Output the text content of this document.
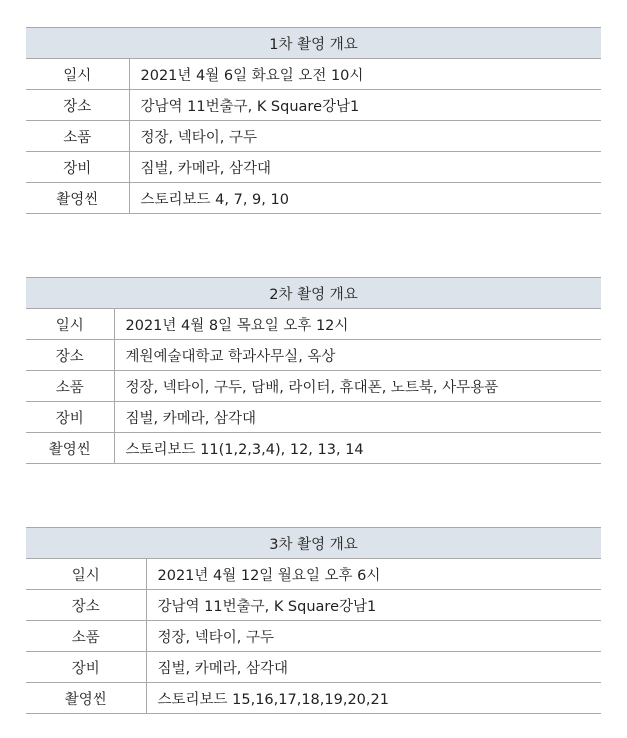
1차 촬영 개요	
일시	2021년 4월 6일 화요일 오전 10시
장소	강남역 11번출구, K Square강남1
소품	정장, 넥타이, 구두
장비	짐벌, 카메라, 삼각대
촬영씬	스토리보드 4, 7, 9, 10
2차 촬영 개요	
일시	2021년 4월 8일 목요일 오후 12시
장소	계원예술대학교 학과사무실, 옥상
소품	정장, 넥타이, 구두, 담배, 라이터, 휴대폰, 노트북, 사무용품
장비	짐벌, 카메라, 삼각대
촬영씬	스토리보드 11(1,2,3,4), 12, 13, 14
3차 촬영 개요	
일시	2021년 4월 12일 월요일 오후 6시
장소	강남역 11번출구, K Square강남1
소품	정장, 넥타이, 구두
장비	짐벌, 카메라, 삼각대
촬영씬	스토리보드 15,16,17,18,19,20,21
